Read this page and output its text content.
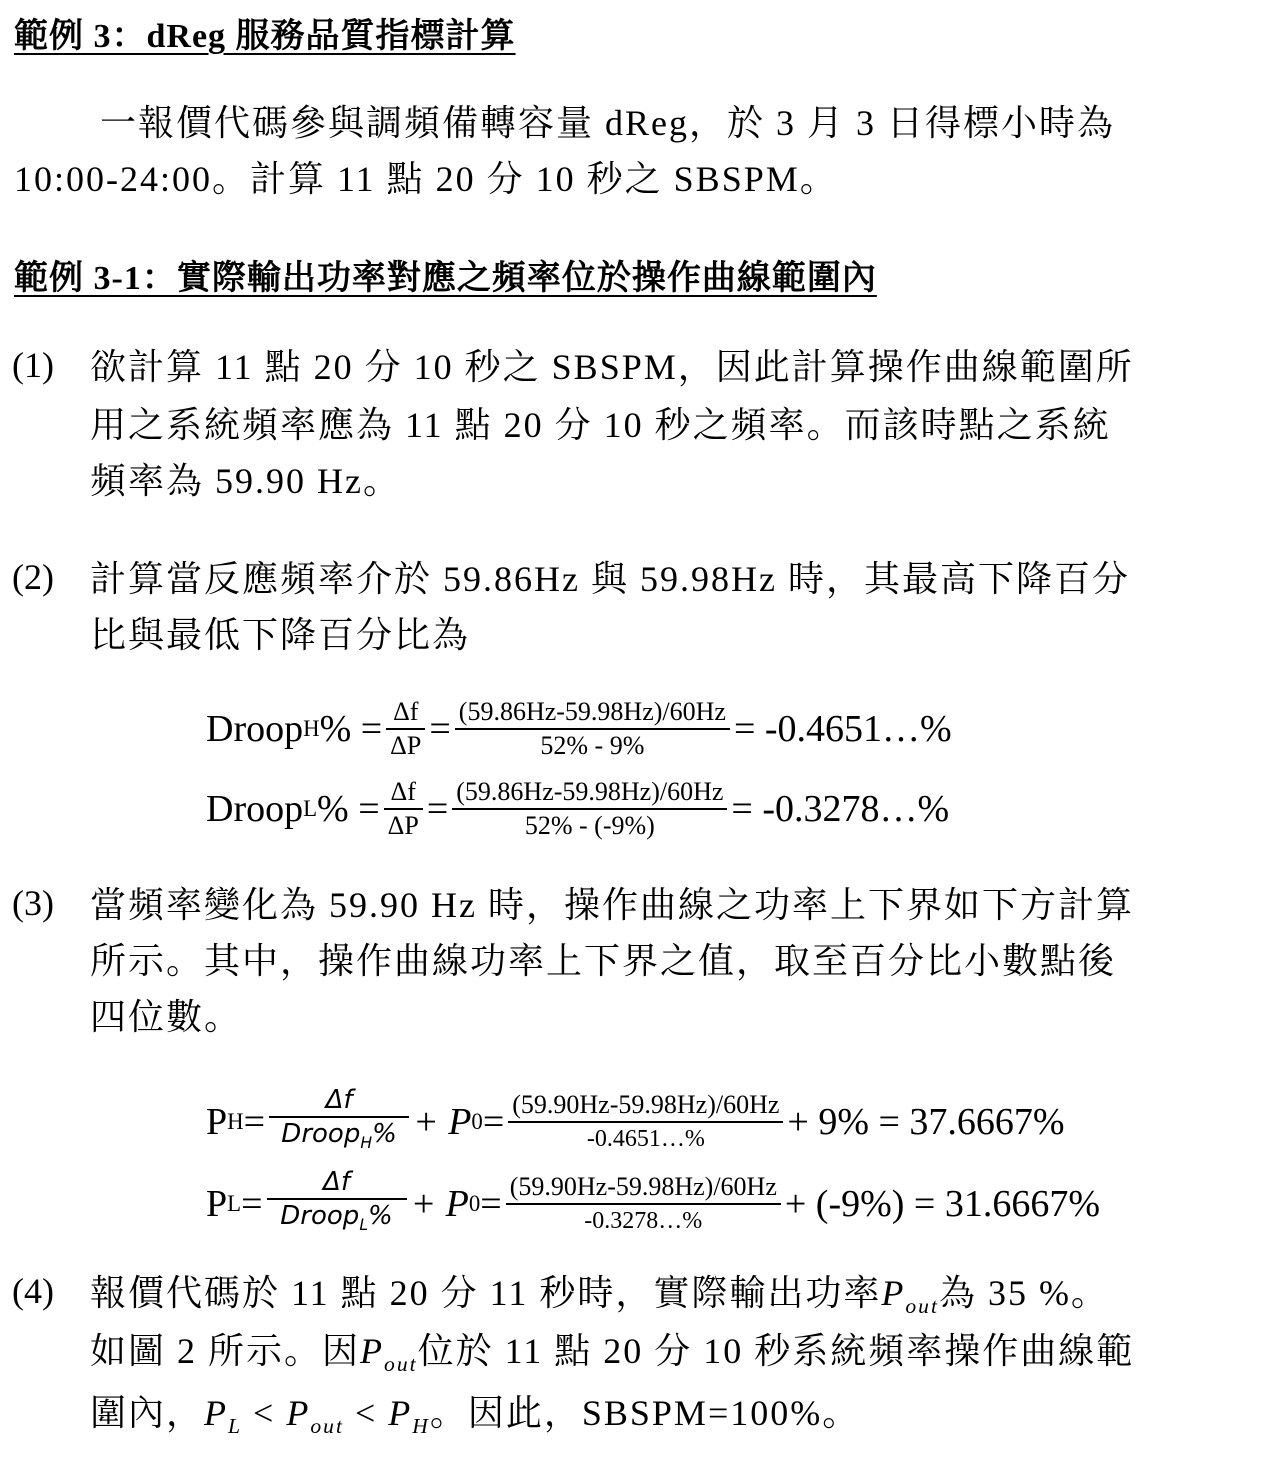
範例 3：dReg 服務品質指標計算
一報價代碼參與調頻備轉容量 dReg，於 3 月 3 日得標小時為
10:00-24:00。計算 11 點 20 分 10 秒之 SBSPM。
範例 3-1：實際輸出功率對應之頻率位於操作曲線範圍內
(1) 欲計算 11 點 20 分 10 秒之 SBSPM，因此計算操作曲線範圍所
用之系統頻率應為 11 點 20 分 10 秒之頻率。而該時點之系統
頻率為 59.90 Hz。
(2) 計算當反應頻率介於 59.86Hz 與 59.98Hz 時，其最高下降百分
比與最低下降百分比為
Droop H % = $\frac{\Delta f}{\Delta P} = \frac{(59.86Hz-59.98Hz)/60Hz}{52\% - 9\%}$ = -0.4651…%
Droop L % = $\frac{\Delta f}{\Delta P} = \frac{(59.86Hz-59.98Hz)/60Hz}{52\% - (-9\%)}$ = -0.3278…%
(3) 當頻率變化為 59.90 Hz 時，操作曲線之功率上下界如下方計算
所示。其中，操作曲線功率上下界之值，取至百分比小數點後
四位數。
P $H = \frac{\Delta f}{Droop_H\%} + P$ $0 = \frac{(59.90Hz-59.98Hz)/60Hz}{-0.4651\dots\%} + 9\% = 37.6667\%$
P $L = \frac{\Delta f}{Droop_L\%} + P$ $0 = \frac{(59.90Hz-59.98Hz)/60Hz}{-0.3278\dots\%} + (-9\%) = 31.6667\%$
(4) 報價代碼於 11 點 20 分 11 秒時，實際輸出功率$P_{out}$為 35 %。
如圖 2 所示。因$P_{out}$位於 11 點 20 分 10 秒系統頻率操作曲線範
圍內，$P_L < P_{out} < P_H$。因此，SBSPM=100%。
